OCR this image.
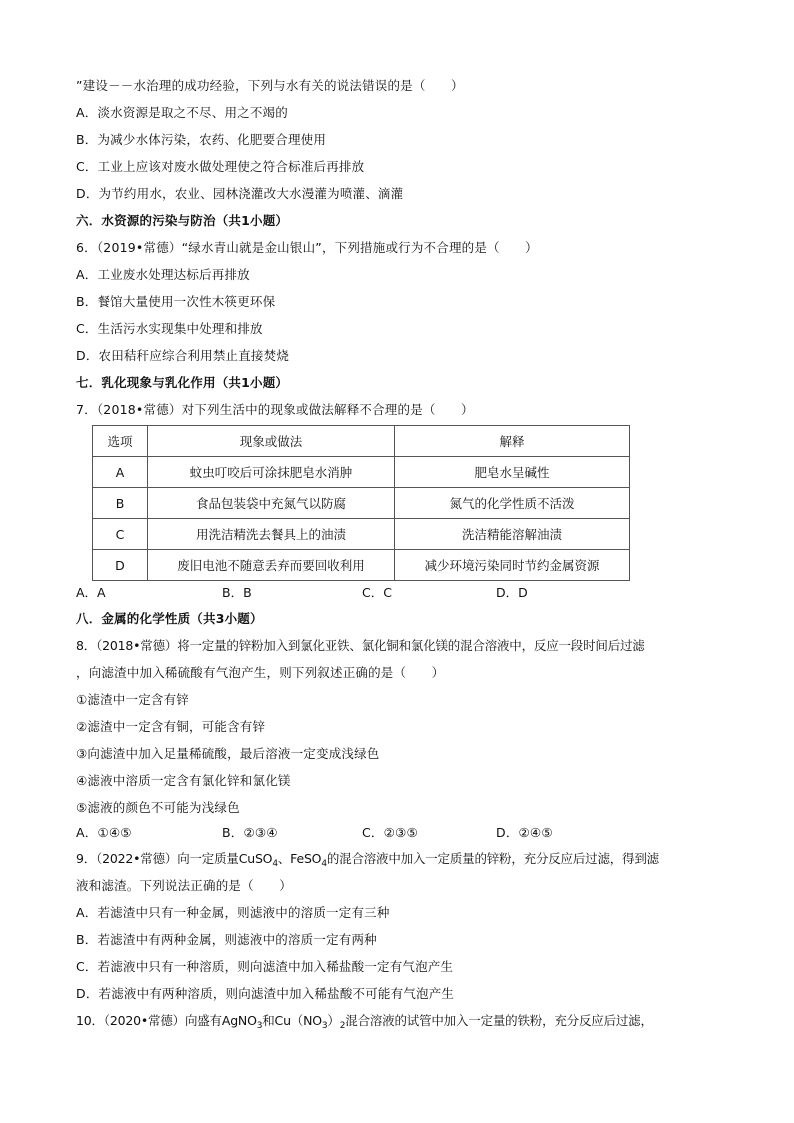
”建设－－水治理的成功经验，下列与水有关的说法错误的是（　　）
A．淡水资源是取之不尽、用之不竭的
B．为减少水体污染，农药、化肥要合理使用
C．工业上应该对废水做处理使之符合标准后再排放
D．为节约用水，农业、园林浇灌改大水漫灌为喷灌、滴灌
六．水资源的污染与防治（共1小题）
6．（2019•常德）“绿水青山就是金山银山”，下列措施或行为不合理的是（　　）
A．工业废水处理达标后再排放
B．餐馆大量使用一次性木筷更环保
C．生活污水实现集中处理和排放
D．农田秸秆应综合利用禁止直接焚烧
七．乳化现象与乳化作用（共1小题）
7．（2018•常德）对下列生活中的现象或做法解释不合理的是（　　）
选项	现象或做法	解释
A	蚊虫叮咬后可涂抹肥皂水消肿	肥皂水呈碱性
B	食品包装袋中充氮气以防腐	氮气的化学性质不活泼
C	用洗洁精洗去餐具上的油渍	洗洁精能溶解油渍
D	废旧电池不随意丢弃而要回收利用	减少环境污染同时节约金属资源
A．A	B．B	C．C	D．D
八．金属的化学性质（共3小题）
8．（2018•常德）将一定量的锌粉加入到氯化亚铁、氯化铜和氯化镁的混合溶液中，反应一段时间后过滤
，向滤渣中加入稀硫酸有气泡产生，则下列叙述正确的是（　　）
①滤渣中一定含有锌
②滤渣中一定含有铜，可能含有锌
③向滤渣中加入足量稀硫酸，最后溶液一定变成浅绿色
④滤液中溶质一定含有氯化锌和氯化镁
⑤滤液的颜色不可能为浅绿色
A．①④⑤	B．②③④	C．②③⑤	D．②④⑤
9．（2022•常德）向一定质量CuSO$_4$、FeSO$_4$的混合溶液中加入一定质量的锌粉，充分反应后过滤，得到滤
液和滤渣。下列说法正确的是（　　）
A．若滤渣中只有一种金属，则滤液中的溶质一定有三种
B．若滤渣中有两种金属，则滤液中的溶质一定有两种
C．若滤液中只有一种溶质，则向滤渣中加入稀盐酸一定有气泡产生
D．若滤液中有两种溶质，则向滤渣中加入稀盐酸不可能有气泡产生
10．（2020•常德）向盛有AgNO$_3$和$Cu(NO_3)_2$混合溶液的试管中加入一定量的铁粉，充分反应后过滤，
